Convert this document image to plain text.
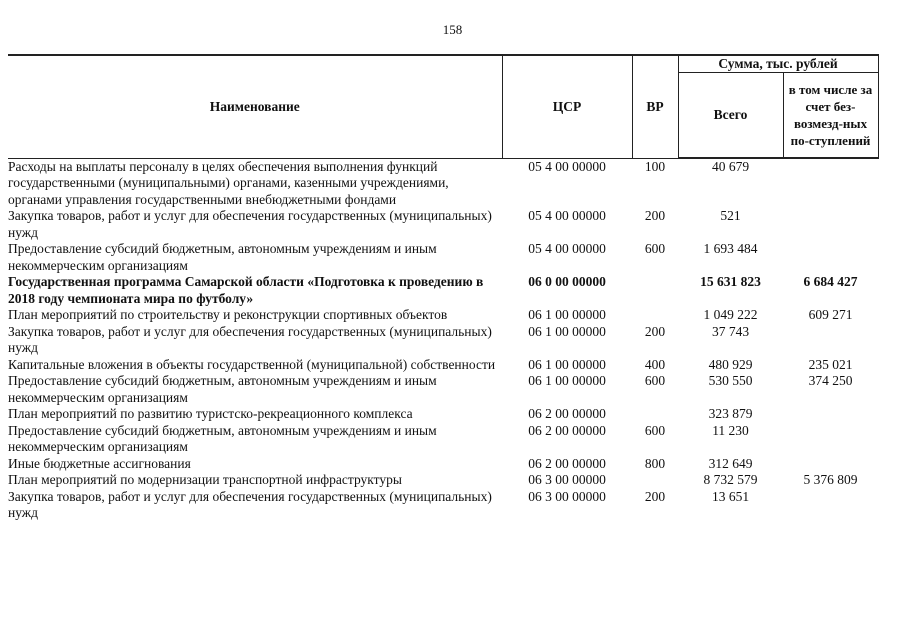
158
Наименование	ЦСР	ВР	Сумма, тыс. рублей	
			Всего	в том числе за счет без-возмезд-ных по-ступлений
Расходы на выплаты персоналу в целях обеспечения выполнения функций государственными (муниципальными) органами, казенными учреждениями, органами управления государственными внебюджетными фондами	05 4 00 00000	100	40 679	
Закупка товаров, работ и услуг для обеспечения государственных (муниципальных) нужд	05 4 00 00000	200	521	
Предоставление субсидий бюджетным, автономным учреждениям и иным некоммерческим организациям	05 4 00 00000	600	1 693 484	
Государственная программа Самарской области «Подготовка к проведению в 2018 году чемпионата мира по футболу»	06 0 00 00000		15 631 823	6 684 427
План мероприятий по строительству и реконструкции спортивных объектов	06 1 00 00000		1 049 222	609 271
Закупка товаров, работ и услуг для обеспечения государственных (муниципальных) нужд	06 1 00 00000	200	37 743	
Капитальные вложения в объекты государственной (муниципальной) собственности	06 1 00 00000	400	480 929	235 021
Предоставление субсидий бюджетным, автономным учреждениям и иным некоммерческим организациям	06 1 00 00000	600	530 550	374 250
План мероприятий по развитию туристско-рекреационного комплекса	06 2 00 00000		323 879	
Предоставление субсидий бюджетным, автономным учреждениям и иным некоммерческим организациям	06 2 00 00000	600	11 230	
Иные бюджетные ассигнования	06 2 00 00000	800	312 649	
План мероприятий по модернизации транспортной инфраструктуры	06 3 00 00000		8 732 579	5 376 809
Закупка товаров, работ и услуг для обеспечения государственных (муниципальных) нужд	06 3 00 00000	200	13 651	
